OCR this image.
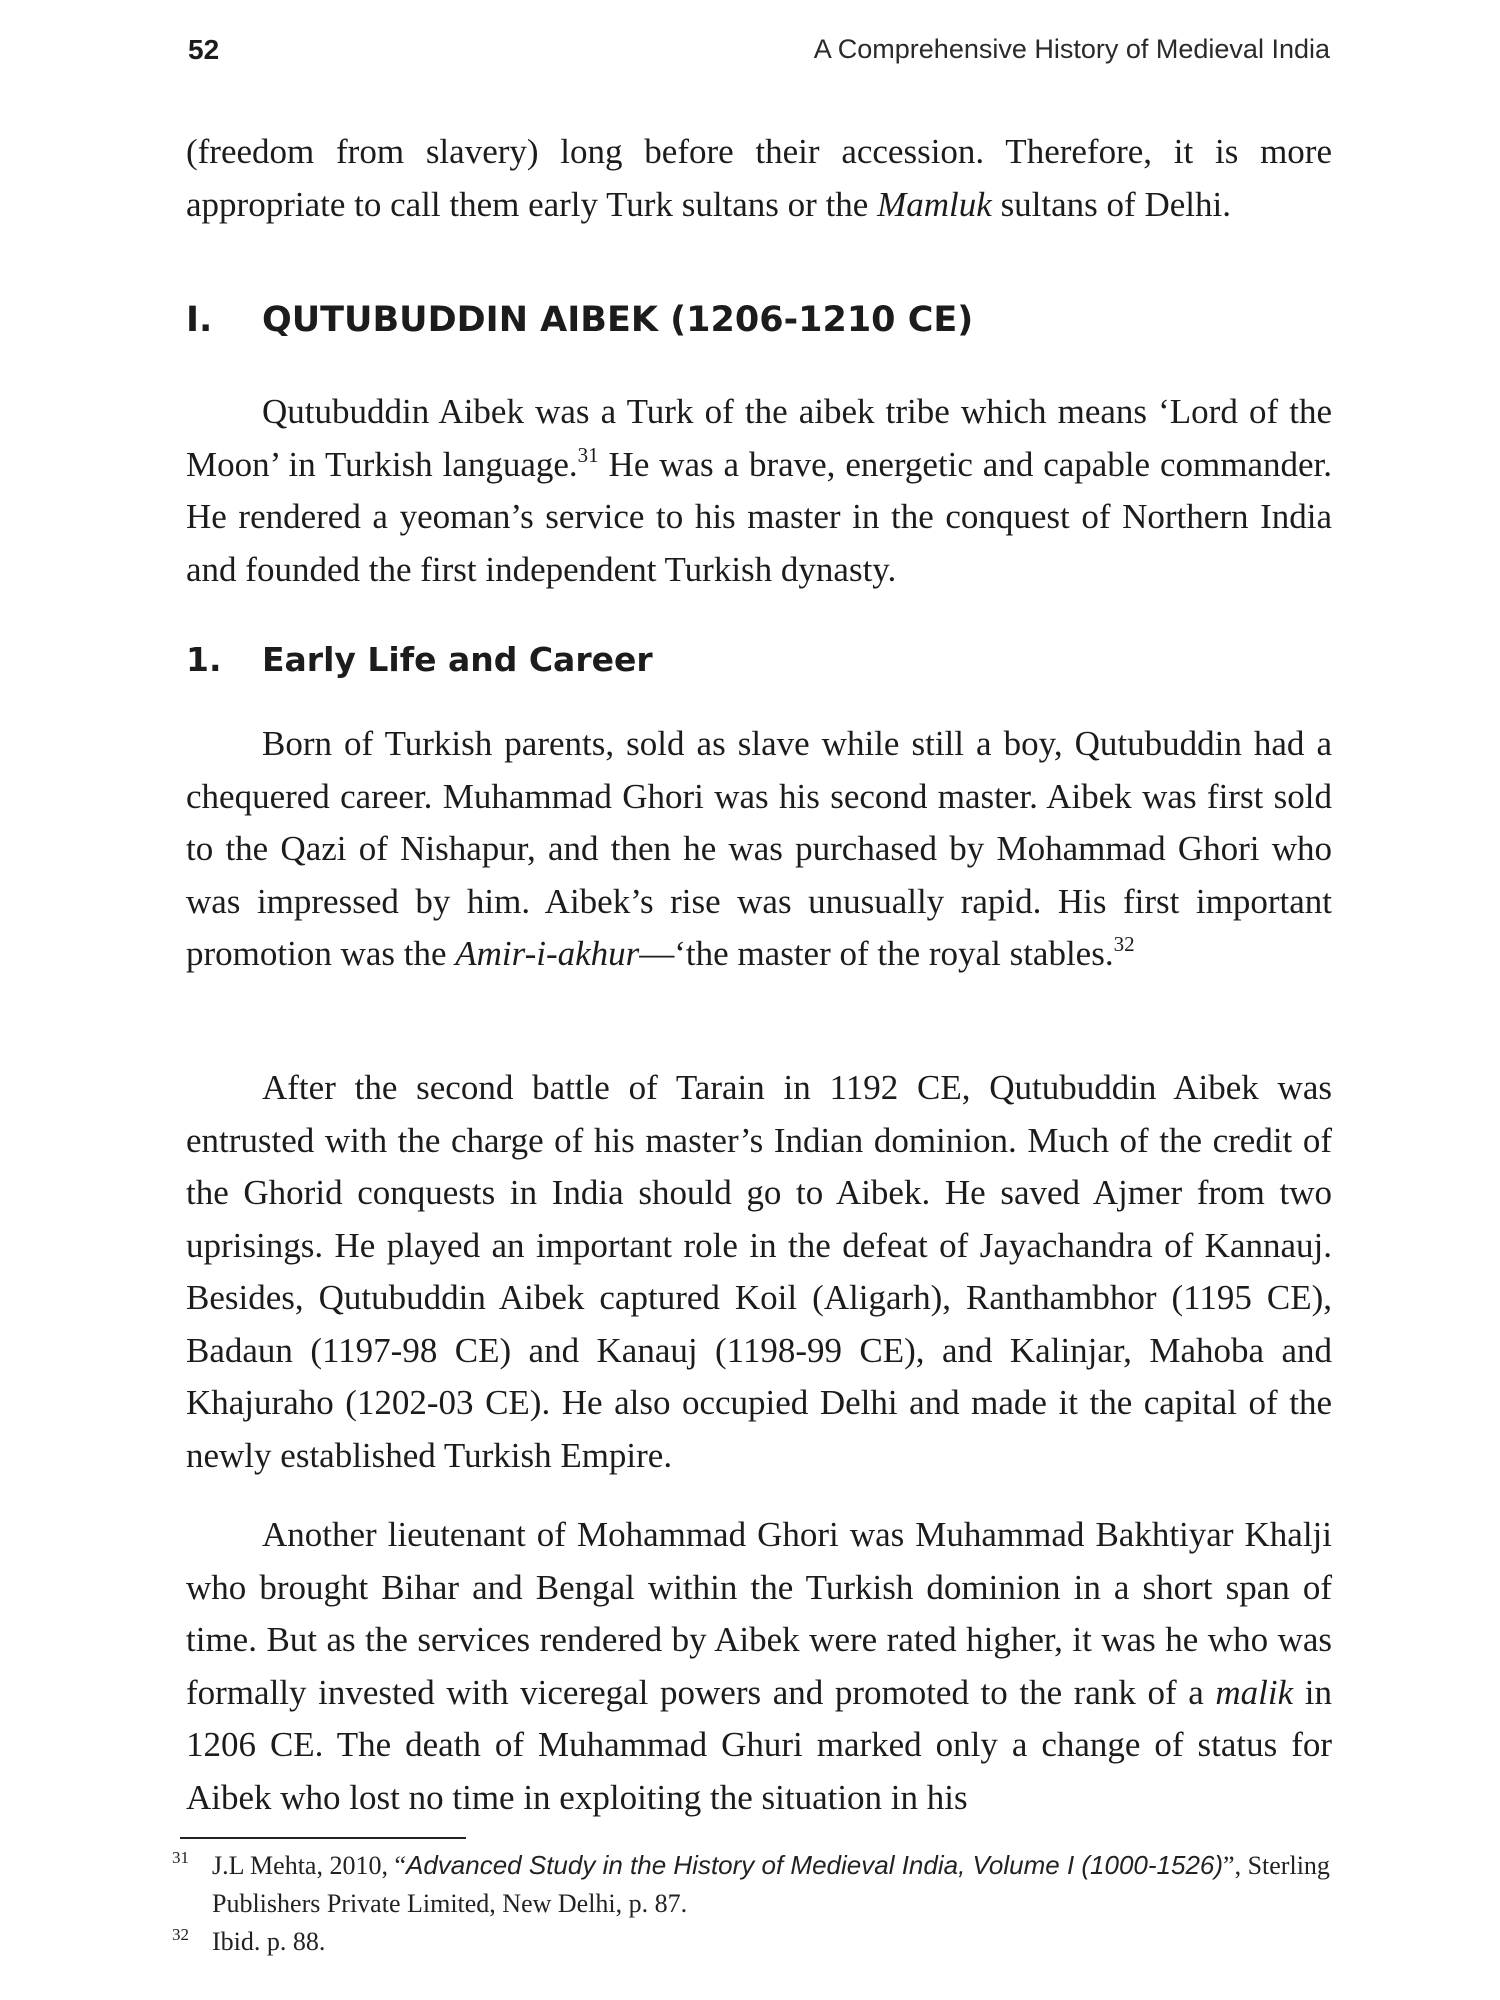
52	A Comprehensive History of Medieval India

(freedom from slavery) long before their accession. Therefore, it is more appropriate to call them early Turk sultans or the Mamluk sultans of Delhi.

I. QUTUBUDDIN AIBEK (1206-1210 CE)

Qutubuddin Aibek was a Turk of the aibek tribe which means ‘Lord of the Moon’ in Turkish language.$^{31}$ He was a brave, energetic and capable commander. He rendered a yeoman’s service to his master in the conquest of Northern India and founded the first independent Turkish dynasty.

1. Early Life and Career

Born of Turkish parents, sold as slave while still a boy, Qutubuddin had a chequered career. Muhammad Ghori was his second master. Aibek was first sold to the Qazi of Nishapur, and then he was purchased by Mohammad Ghori who was impressed by him. Aibek’s rise was unusually rapid. His first important promotion was the Amir-i-akhur—‘the master of the royal stables.$^{32}$

After the second battle of Tarain in 1192 CE, Qutubuddin Aibek was entrusted with the charge of his master’s Indian dominion. Much of the credit of the Ghorid conquests in India should go to Aibek. He saved Ajmer from two uprisings. He played an important role in the defeat of Jayachandra of Kannauj. Besides, Qutubuddin Aibek captured Koil (Aligarh), Ranthambhor (1195 CE), Badaun (1197-98 CE) and Kanauj (1198-99 CE), and Kalinjar, Mahoba and Khajuraho (1202-03 CE). He also occupied Delhi and made it the capital of the newly established Turkish Empire.

Another lieutenant of Mohammad Ghori was Muhammad Bakhtiyar Khalji who brought Bihar and Bengal within the Turkish dominion in a short span of time. But as the services rendered by Aibek were rated higher, it was he who was formally invested with viceregal powers and promoted to the rank of a malik in 1206 CE. The death of Muhammad Ghuri marked only a change of status for Aibek who lost no time in exploiting the situation in his

31 J.L Mehta, 2010, “Advanced Study in the History of Medieval India, Volume I (1000-1526)”, Sterling Publishers Private Limited, New Delhi, p. 87.
32 Ibid. p. 88.
